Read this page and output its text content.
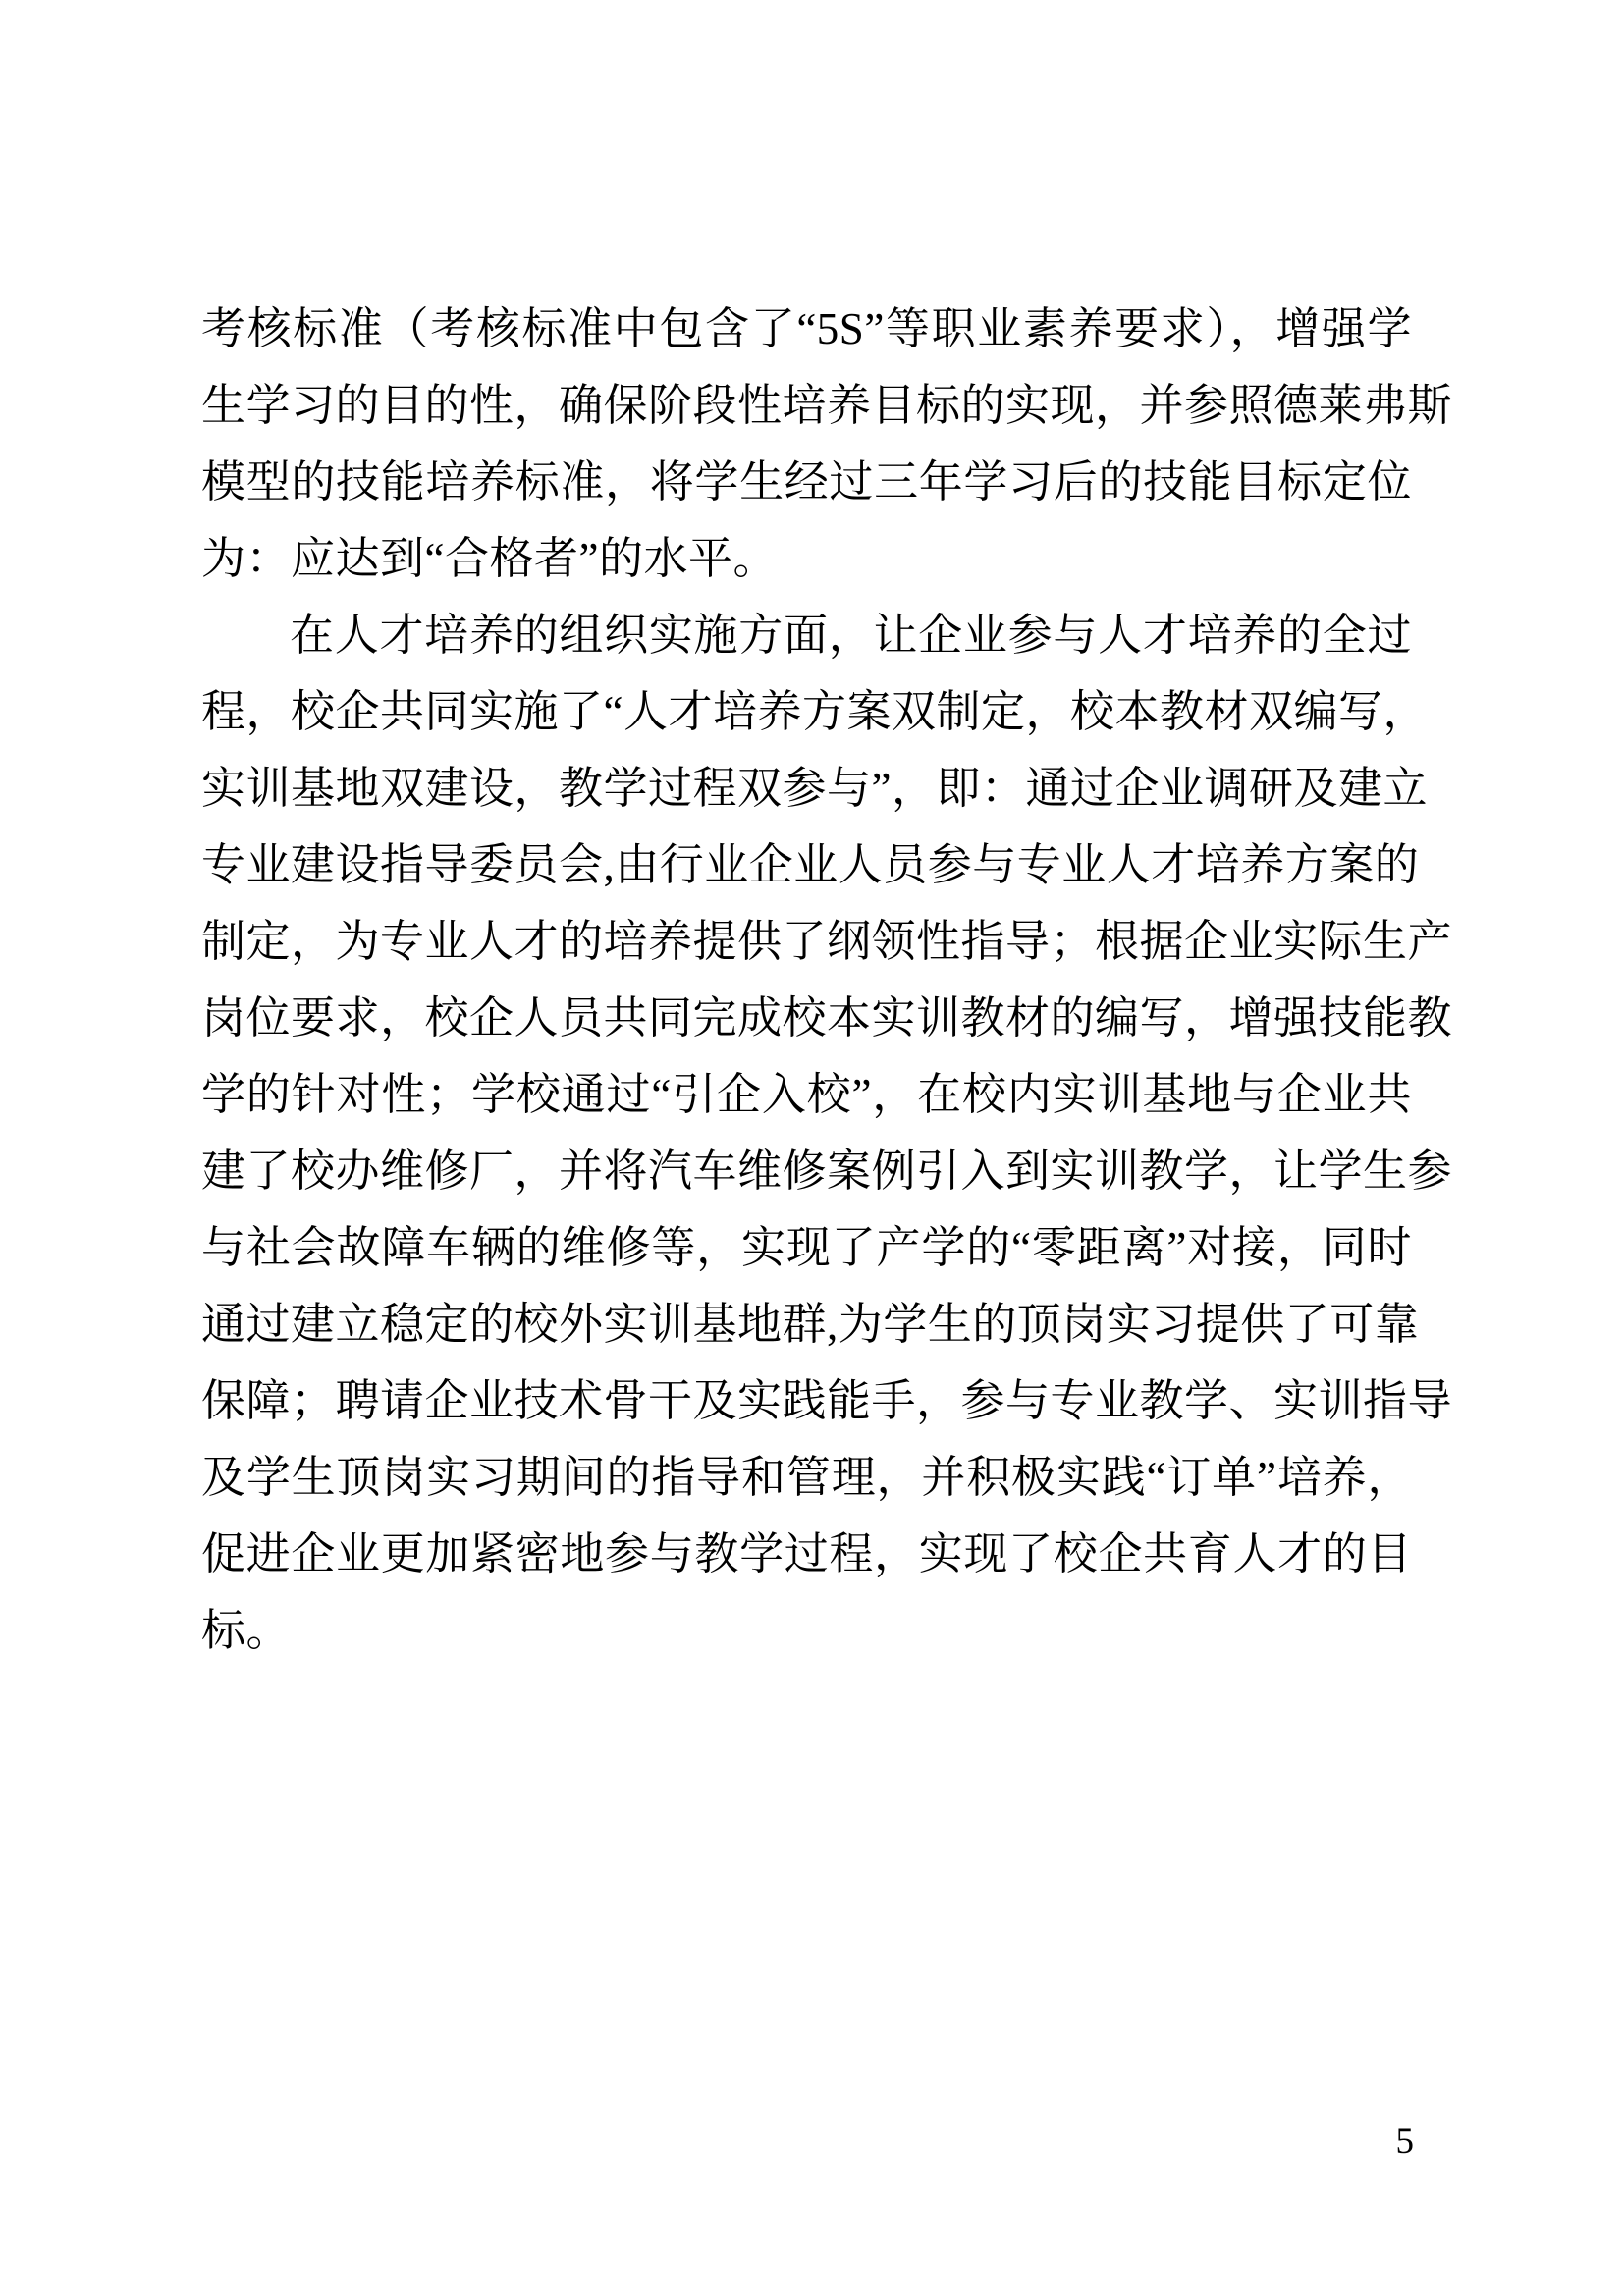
考核标准（考核标准中包含了“5S”等职业素养要求），增强学
生学习的目的性，确保阶段性培养目标的实现，并参照德莱弗斯
模型的技能培养标准，将学生经过三年学习后的技能目标定位
为：应达到“合格者”的水平。
在人才培养的组织实施方面，让企业参与人才培养的全过
程，校企共同实施了“人才培养方案双制定，校本教材双编写，
实训基地双建设，教学过程双参与”，即：通过企业调研及建立
专业建设指导委员会,由行业企业人员参与专业人才培养方案的
制定，为专业人才的培养提供了纲领性指导；根据企业实际生产
岗位要求，校企人员共同完成校本实训教材的编写，增强技能教
学的针对性；学校通过“引企入校”，在校内实训基地与企业共
建了校办维修厂，并将汽车维修案例引入到实训教学，让学生参
与社会故障车辆的维修等，实现了产学的“零距离”对接，同时
通过建立稳定的校外实训基地群,为学生的顶岗实习提供了可靠
保障；聘请企业技术骨干及实践能手，参与专业教学、实训指导
及学生顶岗实习期间的指导和管理，并积极实践“订单”培养，
促进企业更加紧密地参与教学过程，实现了校企共育人才的目
标。
5
